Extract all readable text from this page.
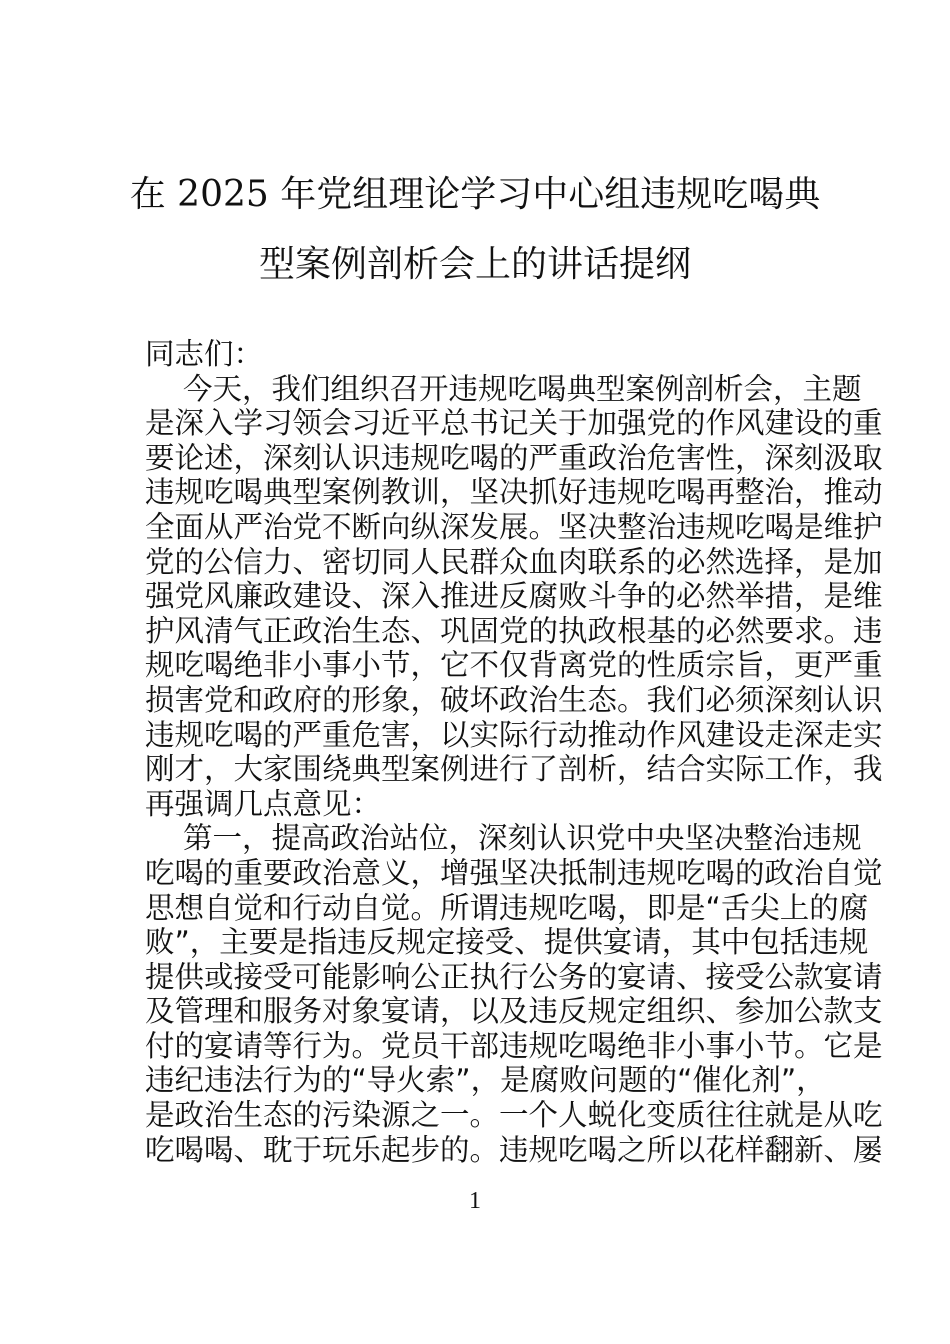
在 2025 年党组理论学习中心组违规吃喝典
型案例剖析会上的讲话提纲
同志们：
今天，我们组织召开违规吃喝典型案例剖析会，主题
是深入学习领会习近平总书记关于加强党的作风建设的重
要论述，深刻认识违规吃喝的严重政治危害性，深刻汲取
违规吃喝典型案例教训，坚决抓好违规吃喝再整治，推动
全面从严治党不断向纵深发展。坚决整治违规吃喝是维护
党的公信力、密切同人民群众血肉联系的必然选择，是加
强党风廉政建设、深入推进反腐败斗争的必然举措，是维
护风清气正政治生态、巩固党的执政根基的必然要求。违
规吃喝绝非小事小节，它不仅背离党的性质宗旨，更严重
损害党和政府的形象，破坏政治生态。我们必须深刻认识
违规吃喝的严重危害，以实际行动推动作风建设走深走实
刚才，大家围绕典型案例进行了剖析，结合实际工作，我
再强调几点意见：
第一，提高政治站位，深刻认识党中央坚决整治违规
吃喝的重要政治意义，增强坚决抵制违规吃喝的政治自觉
思想自觉和行动自觉。所谓违规吃喝，即是“舌尖上的腐
败”，主要是指违反规定接受、提供宴请，其中包括违规
提供或接受可能影响公正执行公务的宴请、接受公款宴请
及管理和服务对象宴请，以及违反规定组织、参加公款支
付的宴请等行为。党员干部违规吃喝绝非小事小节。它是
违纪违法行为的“导火索”，是腐败问题的“催化剂”，
是政治生态的污染源之一。一个人蜕化变质往往就是从吃
吃喝喝、耽于玩乐起步的。违规吃喝之所以花样翻新、屡
1
